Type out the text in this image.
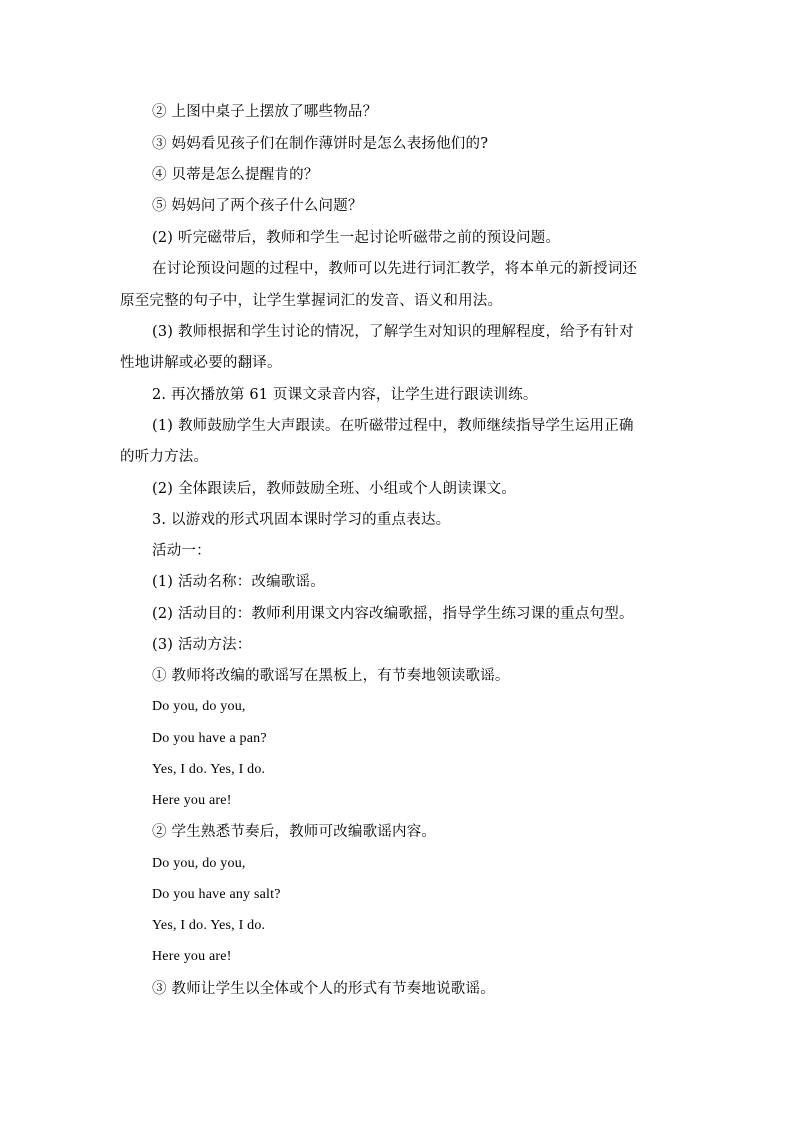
② 上图中桌子上摆放了哪些物品？
③ 妈妈看见孩子们在制作薄饼时是怎么表扬他们的?
④ 贝蒂是怎么提醒肯的？
⑤ 妈妈问了两个孩子什么问题？
(2) 听完磁带后，教师和学生一起讨论听磁带之前的预设问题。
在讨论预设问题的过程中，教师可以先进行词汇教学，将本单元的新授词还
原至完整的句子中，让学生掌握词汇的发音、语义和用法。
(3) 教师根据和学生讨论的情况，了解学生对知识的理解程度，给予有针对
性地讲解或必要的翻译。
2. 再次播放第 61 页课文录音内容，让学生进行跟读训练。
(1) 教师鼓励学生大声跟读。在听磁带过程中，教师继续指导学生运用正确
的听力方法。
(2) 全体跟读后，教师鼓励全班、小组或个人朗读课文。
3. 以游戏的形式巩固本课时学习的重点表达。
活动一：
(1) 活动名称：改编歌谣。
(2) 活动目的：教师利用课文内容改编歌摇，指导学生练习课的重点句型。
(3) 活动方法：
① 教师将改编的歌谣写在黑板上，有节奏地领读歌谣。
Do you, do you,
Do you have a pan?
Yes, I do. Yes, I do.
Here you are!
② 学生熟悉节奏后，教师可改编歌谣内容。
Do you, do you,
Do you have any salt?
Yes, I do. Yes, I do.
Here you are!
③ 教师让学生以全体或个人的形式有节奏地说歌谣。
